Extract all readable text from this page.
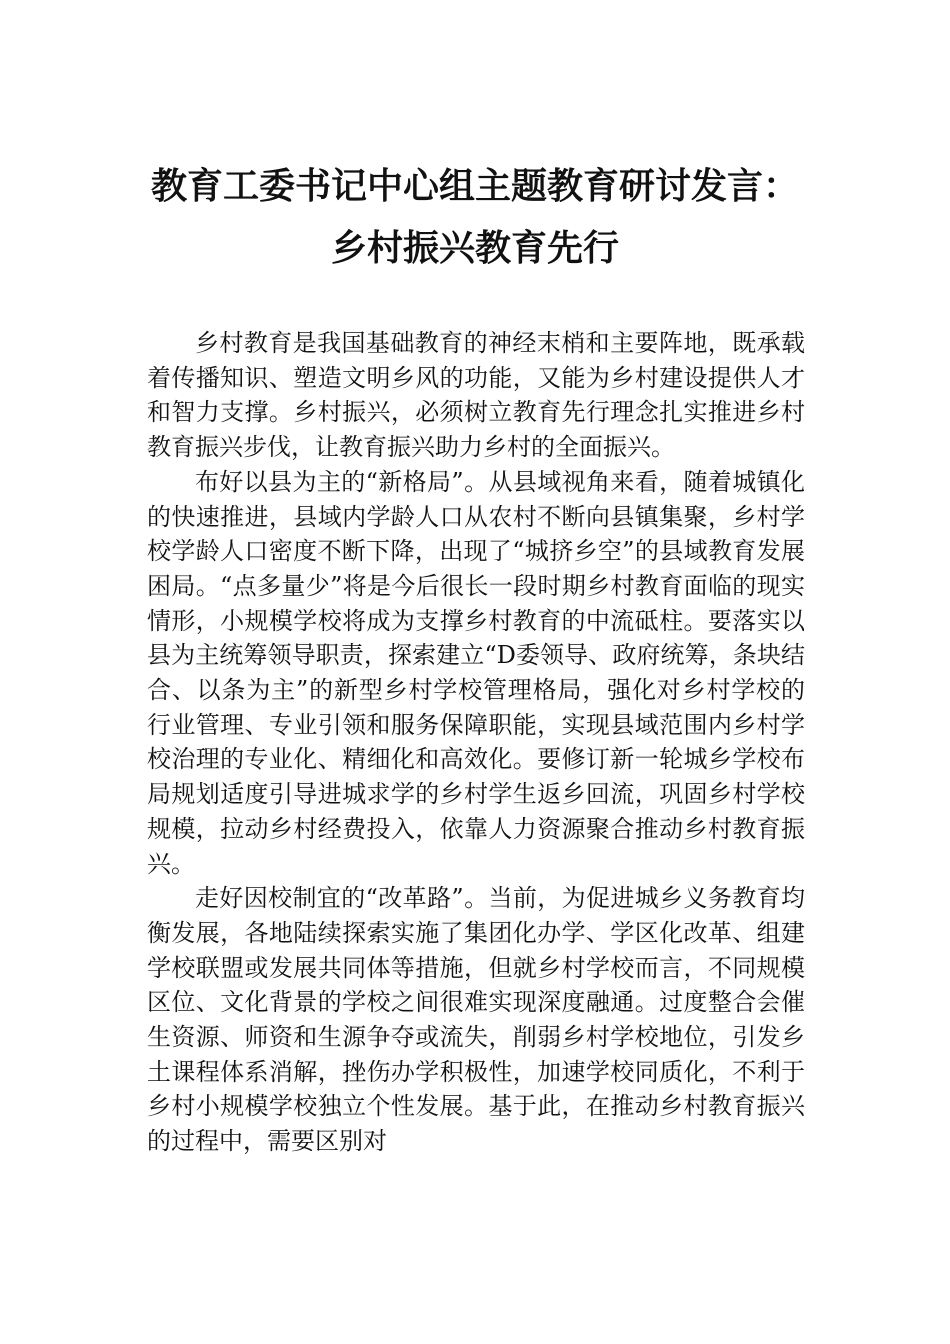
教育工委书记中心组主题教育研讨发言：
乡村振兴教育先行

乡村教育是我国基础教育的神经末梢和主要阵地，既承载着传播知识、塑造文明乡风的功能，又能为乡村建设提供人才和智力支撑。乡村振兴，必须树立教育先行理念扎实推进乡村教育振兴步伐，让教育振兴助力乡村的全面振兴。

布好以县为主的“新格局”。从县域视角来看，随着城镇化的快速推进，县域内学龄人口从农村不断向县镇集聚，乡村学校学龄人口密度不断下降，出现了“城挤乡空”的县域教育发展困局。“点多量少”将是今后很长一段时期乡村教育面临的现实情形，小规模学校将成为支撑乡村教育的中流砥柱。要落实以县为主统筹领导职责，探索建立“D委领导、政府统筹，条块结合、以条为主”的新型乡村学校管理格局，强化对乡村学校的行业管理、专业引领和服务保障职能，实现县域范围内乡村学校治理的专业化、精细化和高效化。要修订新一轮城乡学校布局规划适度引导进城求学的乡村学生返乡回流，巩固乡村学校规模，拉动乡村经费投入，依靠人力资源聚合推动乡村教育振兴。

走好因校制宜的“改革路”。当前，为促进城乡义务教育均衡发展，各地陆续探索实施了集团化办学、学区化改革、组建学校联盟或发展共同体等措施，但就乡村学校而言，不同规模区位、文化背景的学校之间很难实现深度融通。过度整合会催生资源、师资和生源争夺或流失，削弱乡村学校地位，引发乡土课程体系消解，挫伤办学积极性，加速学校同质化，不利于乡村小规模学校独立个性发展。基于此，在推动乡村教育振兴的过程中，需要区别对
